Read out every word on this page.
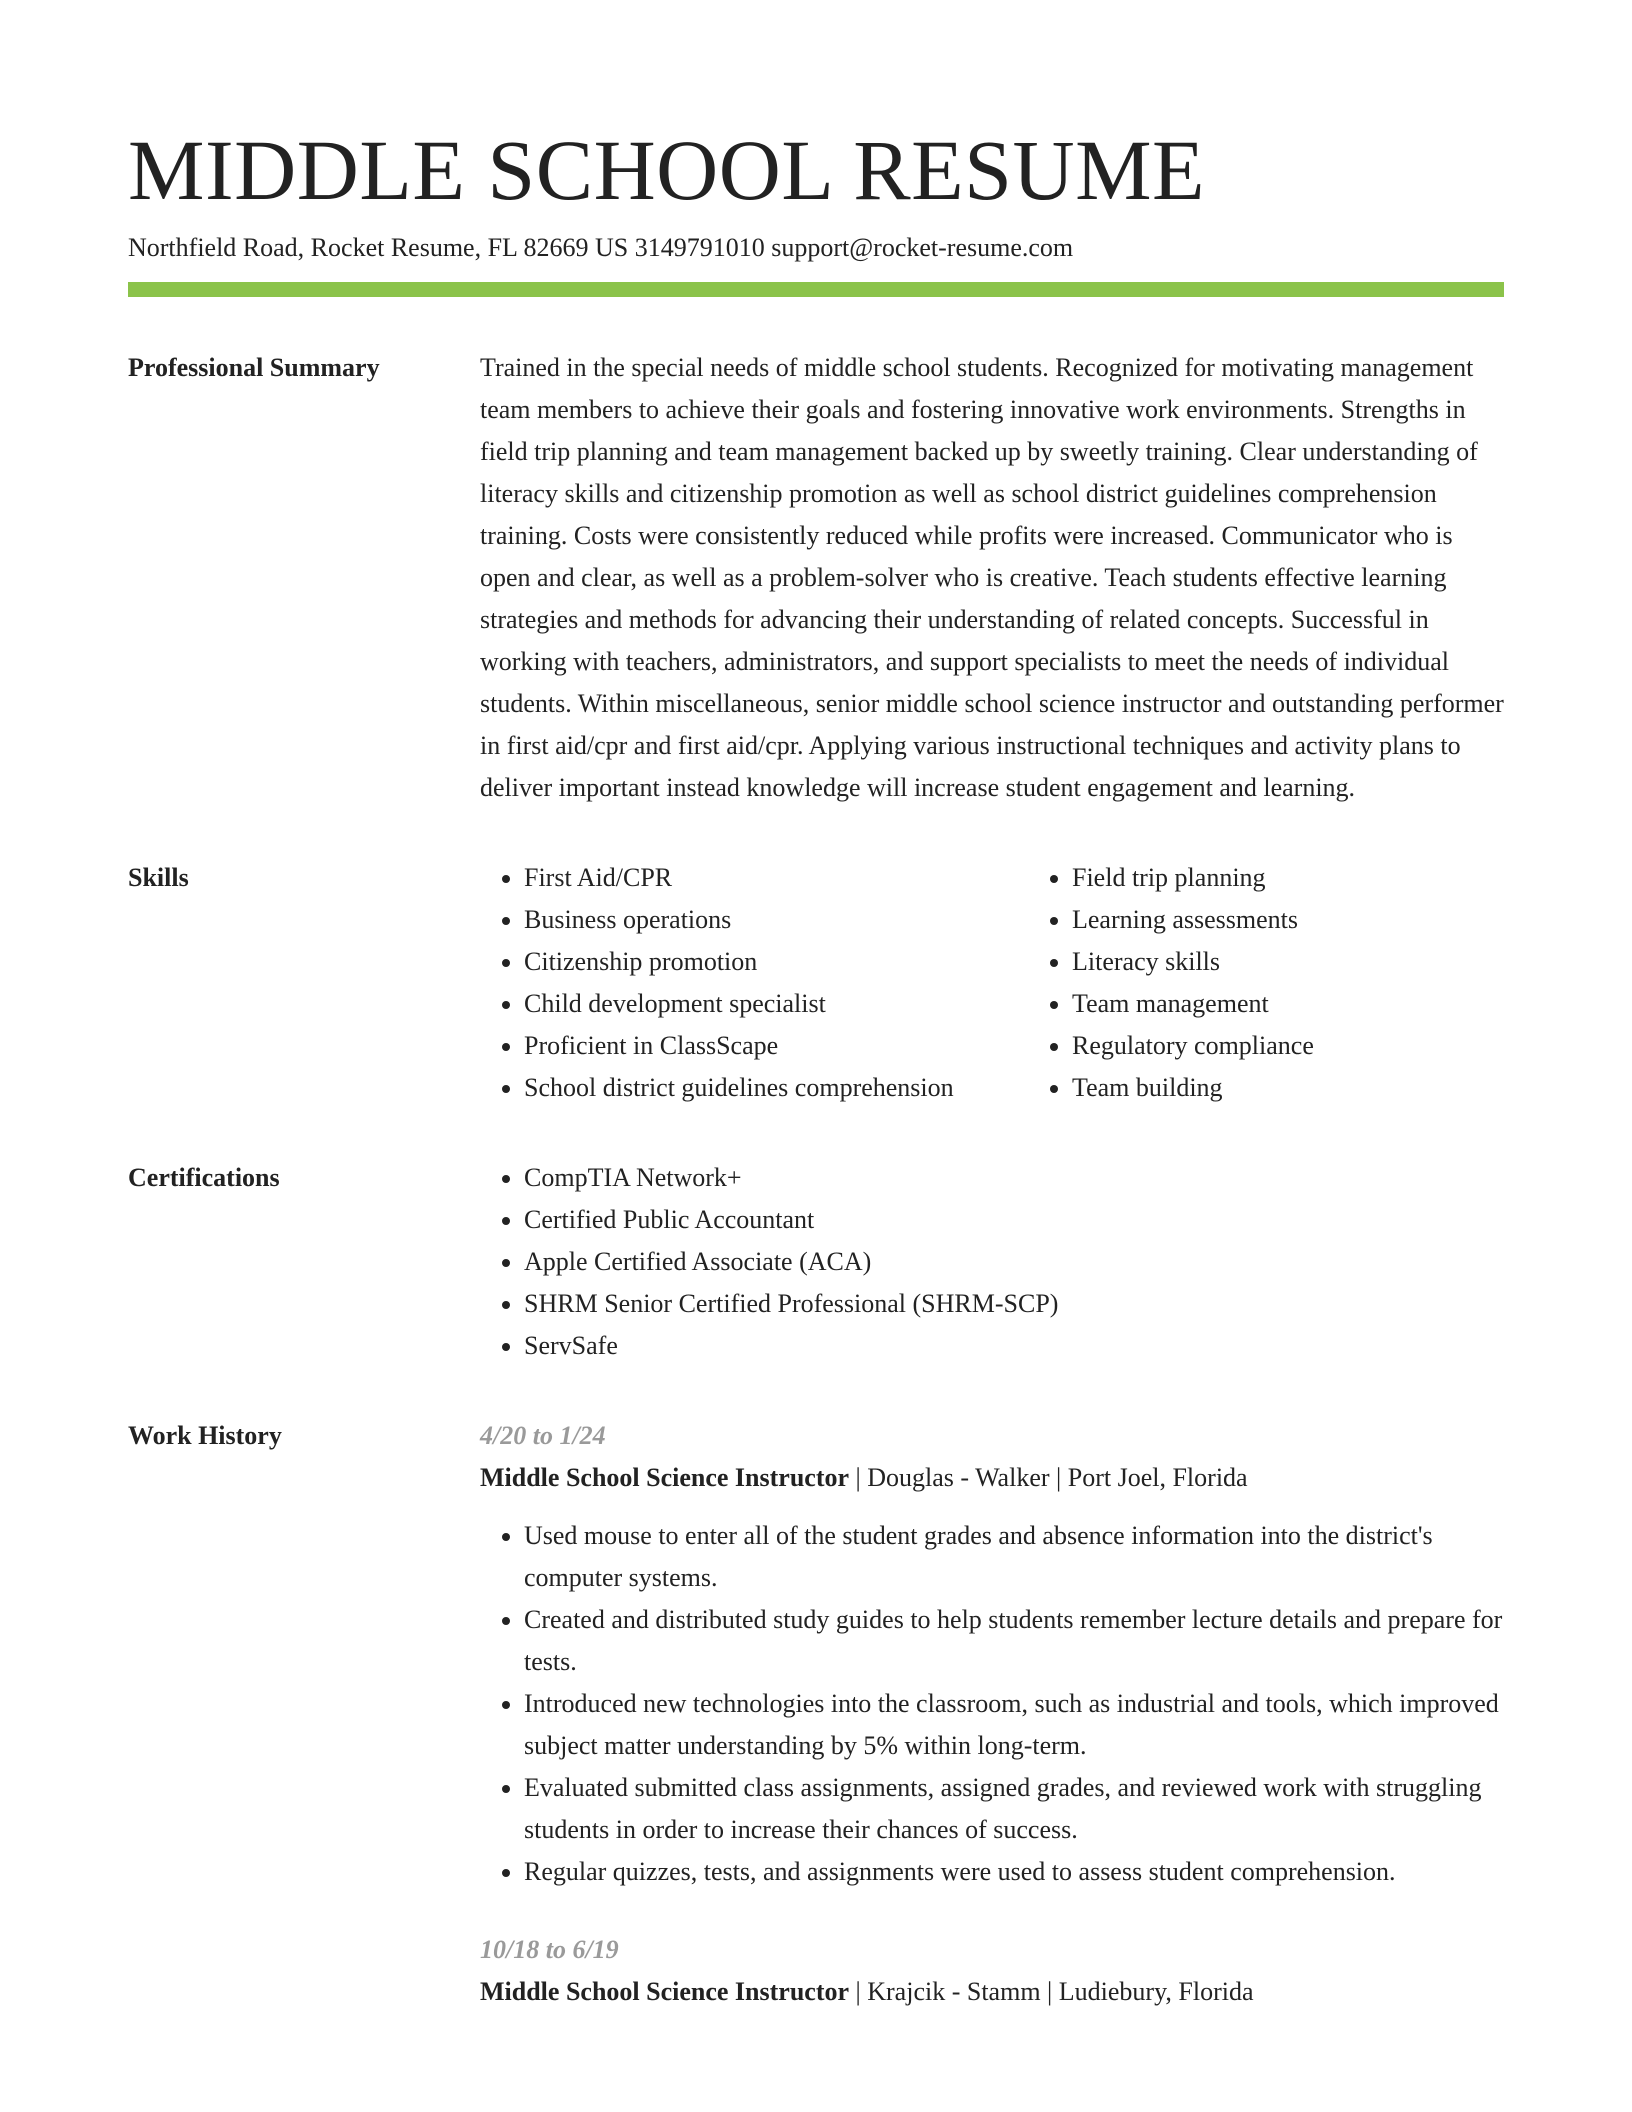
MIDDLE SCHOOL RESUME
Northfield Road, Rocket Resume, FL 82669 US 3149791010 support@rocket-resume.com
Professional Summary	Trained in the special needs of middle school students. Recognized for motivating management team members to achieve their goals and fostering innovative work environments. Strengths in field trip planning and team management backed up by sweetly training. Clear understanding of literacy skills and citizenship promotion as well as school district guidelines comprehension training. Costs were consistently reduced while profits were increased. Communicator who is open and clear, as well as a problem-solver who is creative. Teach students effective learning strategies and methods for advancing their understanding of related concepts. Successful in working with teachers, administrators, and support specialists to meet the needs of individual students. Within miscellaneous, senior middle school science instructor and outstanding performer in first aid/cpr and first aid/cpr. Applying various instructional techniques and activity plans to deliver important instead knowledge will increase student engagement and learning.

Skills	• First Aid/CPR
• Business operations
• Citizenship promotion
• Child development specialist
• Proficient in ClassScape
• School district guidelines comprehension
• Field trip planning
• Learning assessments
• Literacy skills
• Team management
• Regulatory compliance
• Team building
Certifications	• CompTIA Network+
• Certified Public Accountant
• Apple Certified Associate (ACA)
• SHRM Senior Certified Professional (SHRM-SCP)
• ServSafe
Work History	4/20 to 1/24
Middle School Science Instructor | Douglas - Walker | Port Joel, Florida
• Used mouse to enter all of the student grades and absence information into the district's computer systems.
• Created and distributed study guides to help students remember lecture details and prepare for tests.
• Introduced new technologies into the classroom, such as industrial and tools, which improved subject matter understanding by 5% within long-term.
• Evaluated submitted class assignments, assigned grades, and reviewed work with struggling students in order to increase their chances of success.
• Regular quizzes, tests, and assignments were used to assess student comprehension.
10/18 to 6/19
Middle School Science Instructor | Krajcik - Stamm | Ludiebury, Florida
